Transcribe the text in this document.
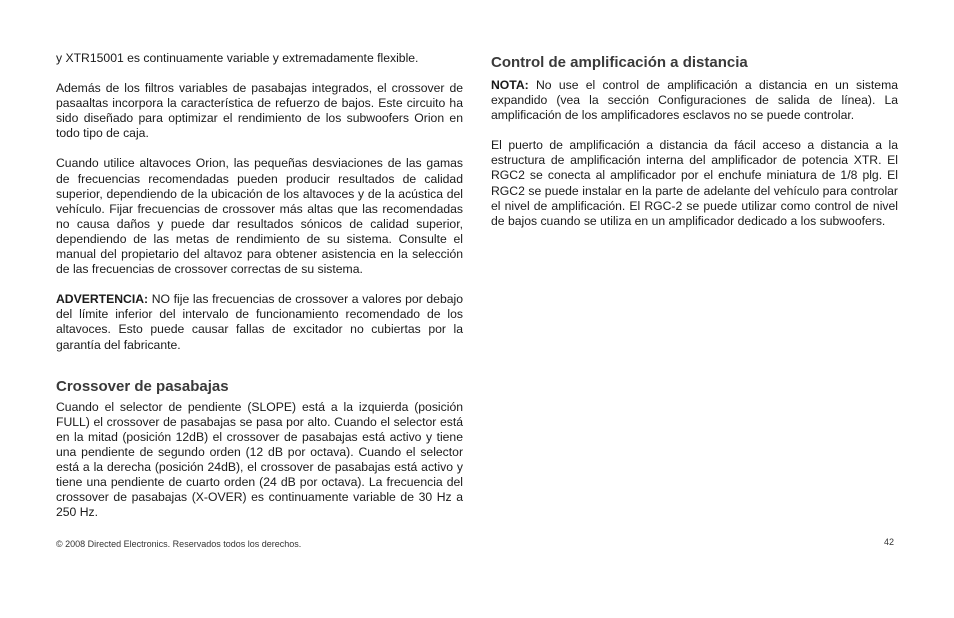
y XTR15001 es continuamente variable y extremadamente flexible.

Además de los filtros variables de pasabajas integrados, el crossover de pasaaltas incorpora la característica de refuerzo de bajos. Este circuito ha sido diseñado para optimizar el rendimiento de los subwoofers Orion en todo tipo de caja.

Cuando utilice altavoces Orion, las pequeñas desviaciones de las gamas de frecuencias recomendadas pueden producir resultados de calidad superior, dependiendo de la ubicación de los altavoces y de la acústica del vehículo. Fijar frecuencias de crossover más altas que las recomendadas no causa daños y puede dar resultados sónicos de calidad superior, dependiendo de las metas de rendimiento de su sistema. Consulte el manual del propietario del altavoz para obtener asistencia en la selección de las frecuencias de crossover correctas de su sistema.

ADVERTENCIA: NO fije las frecuencias de crossover a valores por debajo del límite inferior del intervalo de funcionamiento recomendado de los altavoces. Esto puede causar fallas de excitador no cubiertas por la garantía del fabricante.

Crossover de pasabajas

Cuando el selector de pendiente (SLOPE) está a la izquierda (posición FULL) el crossover de pasabajas se pasa por alto. Cuando el selector está en la mitad (posición 12dB) el crossover de pasabajas está activo y tiene una pendiente de segundo orden (12 dB por octava). Cuando el selector está a la derecha (posición 24dB), el crossover de pasabajas está activo y tiene una pendiente de cuarto orden (24 dB por octava). La frecuencia del crossover de pasabajas (X-OVER) es continuamente variable de 30 Hz a 250 Hz.

Control de amplificación a distancia

NOTA: No use el control de amplificación a distancia en un sistema expandido (vea la sección Configuraciones de salida de línea). La amplificación de los amplificadores esclavos no se puede controlar.

El puerto de amplificación a distancia da fácil acceso a distancia a la estructura de amplificación interna del amplificador de potencia XTR. El RGC2 se conecta al amplificador por el enchufe miniatura de 1/8 plg. El RGC2 se puede instalar en la parte de adelante del vehículo para controlar el nivel de amplificación. El RGC-2 se puede utilizar como control de nivel de bajos cuando se utiliza en un amplificador dedicado a los subwoofers.

© 2008 Directed Electronics. Reservados todos los derechos.	42
